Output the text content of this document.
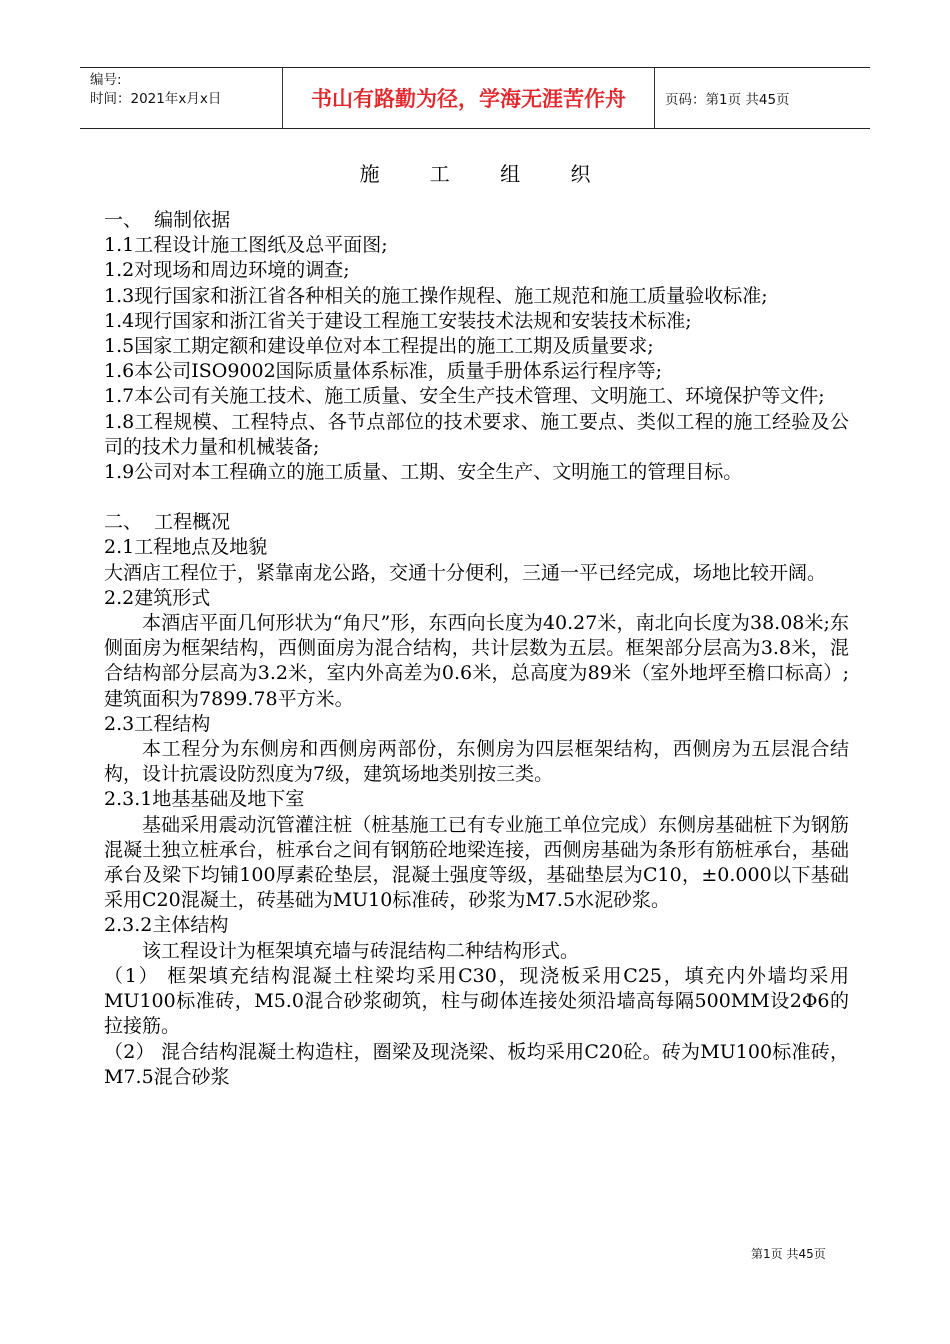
编号:
时间：2021年x月x日	书山有路勤为径，学海无涯苦作舟	页码：第1页 共45页
施 工 组 织

一、  编制依据

1.1工程设计施工图纸及总平面图;

1.2对现场和周边环境的调查;

1.3现行国家和浙江省各种相关的施工操作规程、施工规范和施工质量验收标准;

1.4现行国家和浙江省关于建设工程施工安装技术法规和安装技术标准;

1.5国家工期定额和建设单位对本工程提出的施工工期及质量要求;

1.6本公司ISO9002国际质量体系标准，质量手册体系运行程序等;

1.7本公司有关施工技术、施工质量、安全生产技术管理、文明施工、环境保护等文件;

1.8工程规模、工程特点、各节点部位的技术要求、施工要点、类似工程的施工经验及公司的技术力量和机械装备;

1.9公司对本工程确立的施工质量、工期、安全生产、文明施工的管理目标。

二、  工程概况

2.1工程地点及地貌

大酒店工程位于，紧靠南龙公路，交通十分便利，三通一平已经完成，场地比较开阔。

2.2建筑形式

本酒店平面几何形状为“角尺”形，东西向长度为40.27米，南北向长度为38.08米;东侧面房为框架结构，西侧面房为混合结构，共计层数为五层。框架部分层高为3.8米，混合结构部分层高为3.2米，室内外高差为0.6米，总高度为89米（室外地坪至檐口标高）; 建筑面积为7899.78平方米。

2.3工程结构

本工程分为东侧房和西侧房两部份，东侧房为四层框架结构，西侧房为五层混合结构，设计抗震设防烈度为7级，建筑场地类别按三类。

2.3.1地基基础及地下室

基础采用震动沉管灌注桩（桩基施工已有专业施工单位完成）东侧房基础桩下为钢筋混凝土独立桩承台，桩承台之间有钢筋砼地梁连接，西侧房基础为条形有筋桩承台，基础承台及梁下均铺100厚素砼垫层，混凝土强度等级，基础垫层为C10，±0.000以下基础采用C20混凝土，砖基础为MU10标准砖，砂浆为M7.5水泥砂浆。

2.3.2主体结构

该工程设计为框架填充墙与砖混结构二种结构形式。

（1） 框架填充结构混凝土柱梁均采用C30，现浇板采用C25，填充内外墙均采用MU100标准砖，M5.0混合砂浆砌筑，柱与砌体连接处须沿墙高每隔500MM设2Φ6的拉接筋。

（2） 混合结构混凝土构造柱，圈梁及现浇梁、板均采用C20砼。砖为MU100标准砖，M7.5混合砂浆

第1页 共45页
